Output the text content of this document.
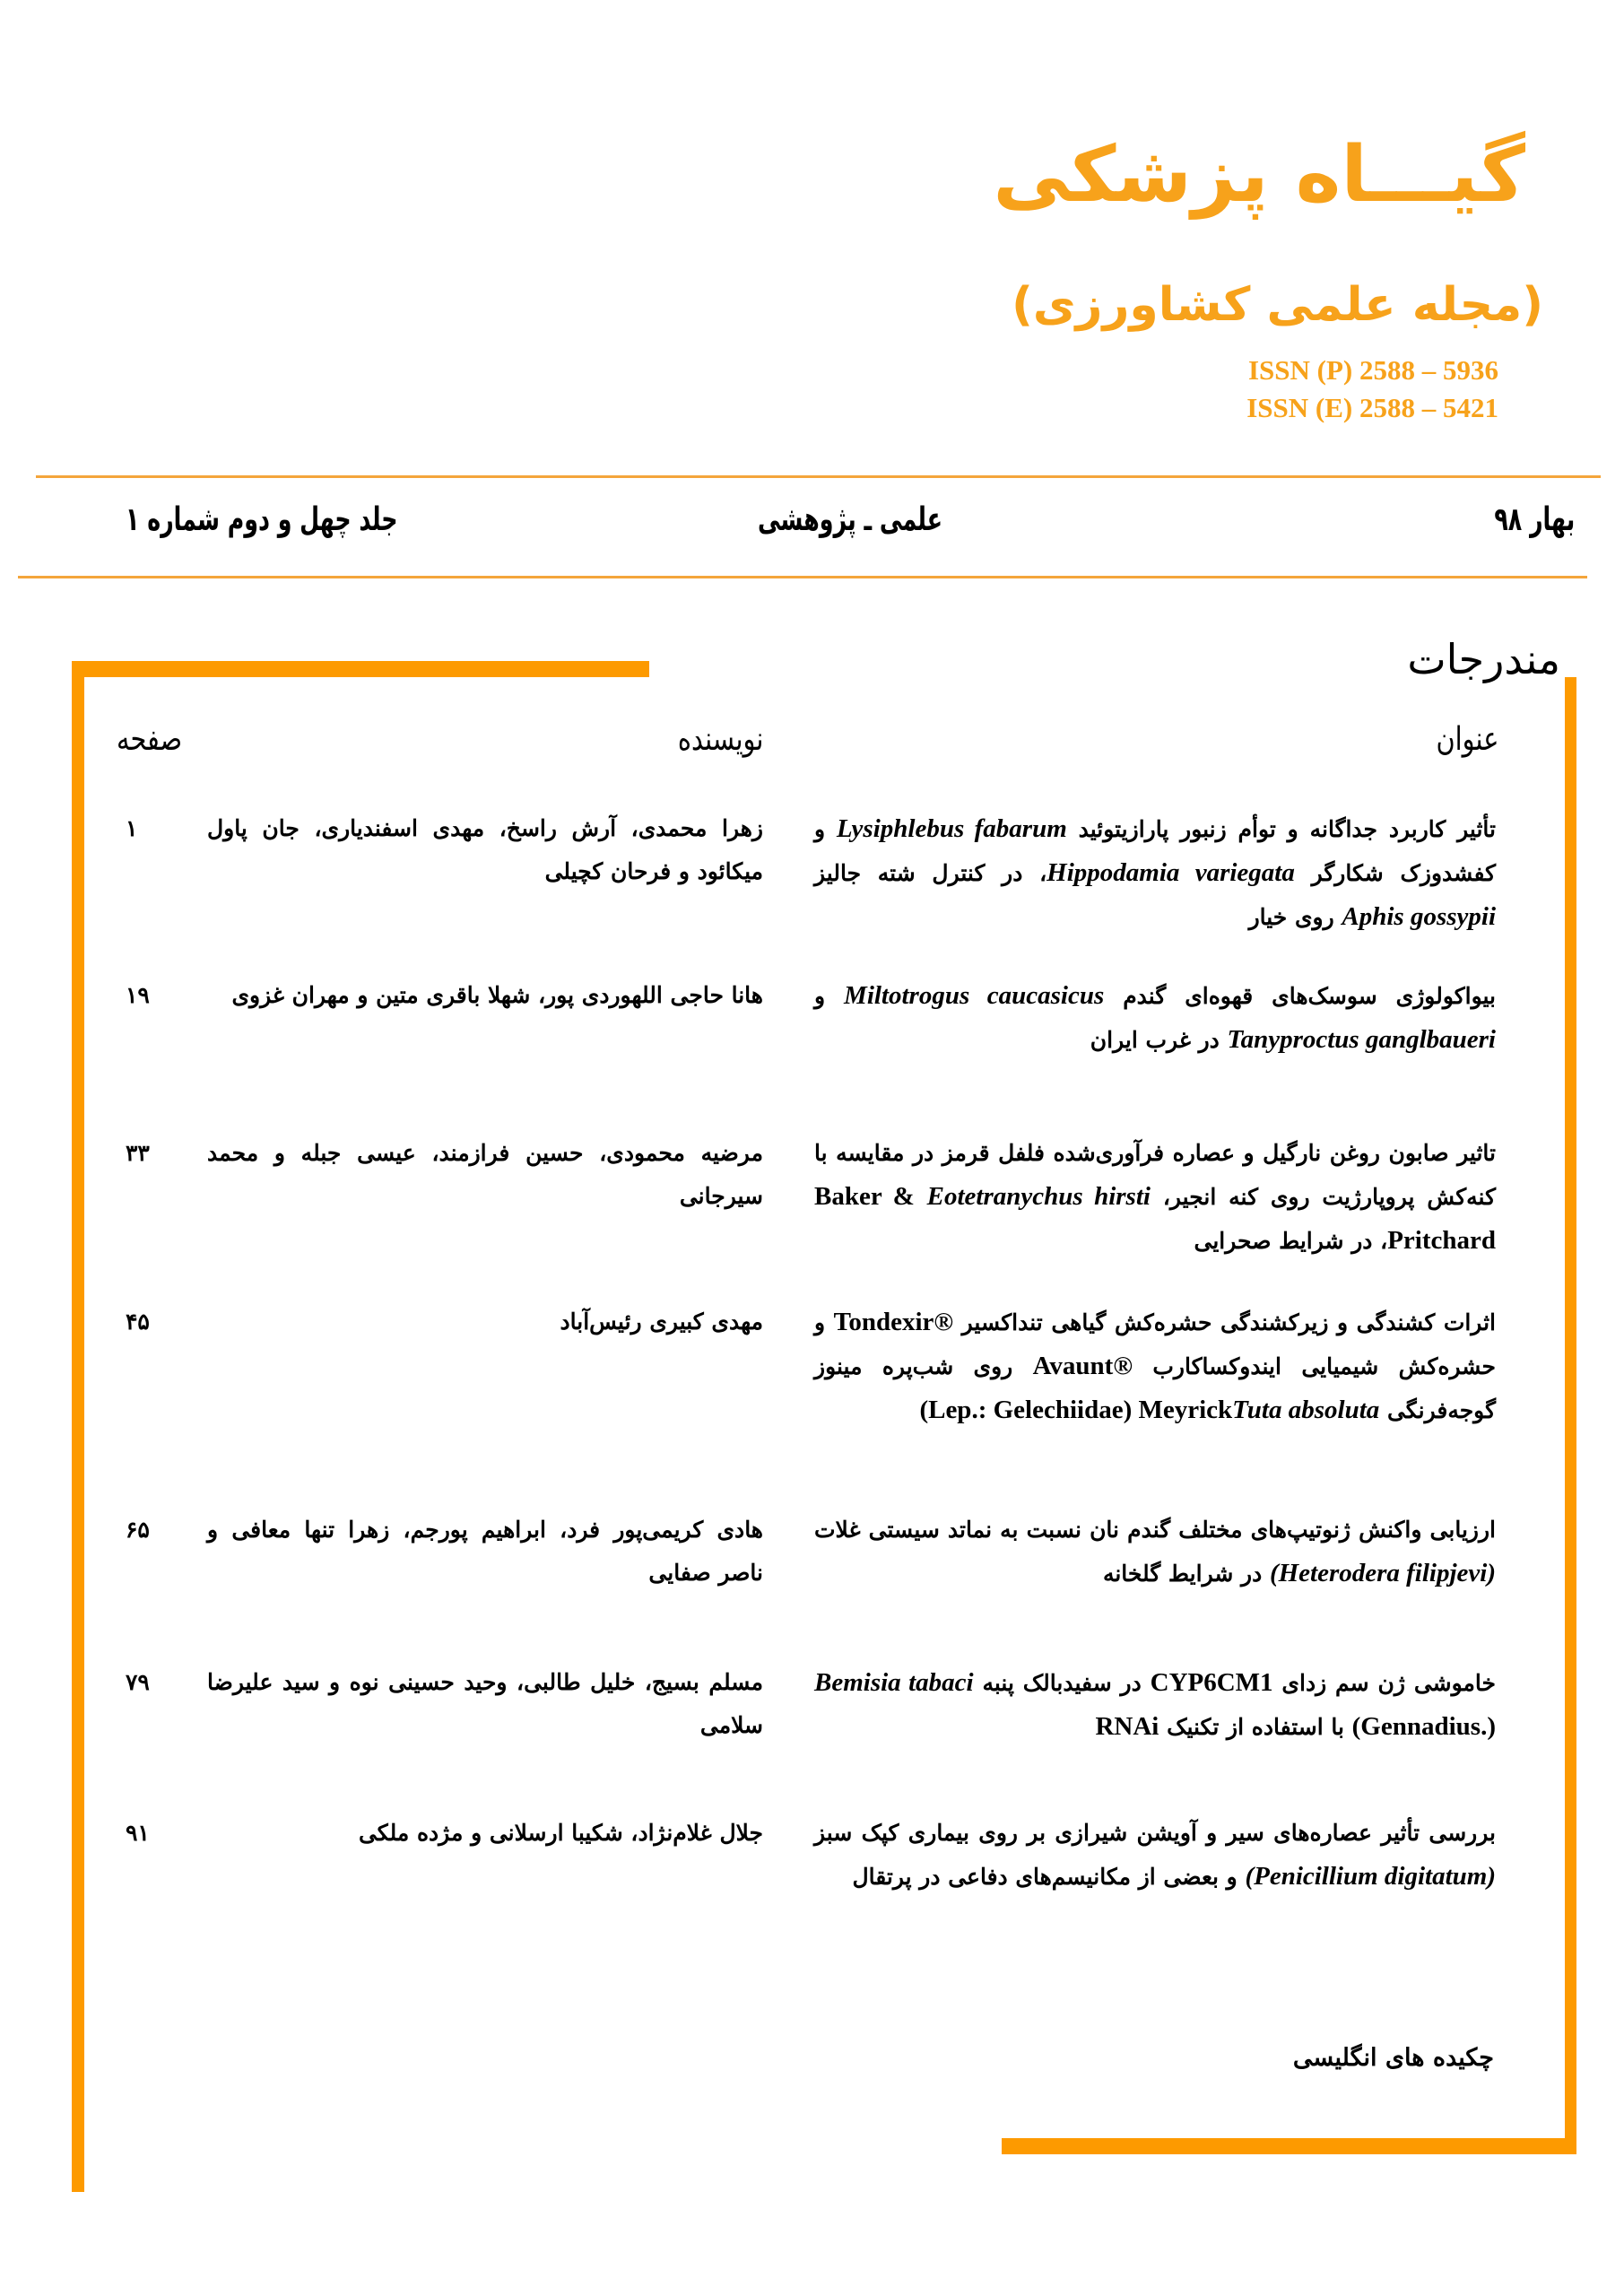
گیـــاه پزشکی
(مجله علمی کشاورزی)
ISSN (P) 2588 – 5936
ISSN (E) 2588 – 5421
بهار ۹۸
علمی ـ پژوهشی
جلد چهل و دوم شماره ۱
مندرجات
عنوان
نویسنده
صفحه
تأثیر کاربرد جداگانه و توأم زنبور پارازیتوئید Lysiphlebus fabarum و کفشدوزک شکارگر Hippodamia variegata، در کنترل شته جالیز Aphis gossypii روی خیار
زهرا محمدی، آرش راسخ، مهدی اسفندیاری، جان پاول میکائود و فرحان کچیلی
۱
بیواکولوژی سوسک‌های قهوه‌ای گندم Miltotrogus caucasicus و Tanyproctus ganglbaueri در غرب ایران
هانا حاجی اللهوردی پور، شهلا باقری متین و مهران غزوی
۱۹
تاثیر صابون روغن نارگیل و عصاره فرآوری‌شده فلفل قرمز در مقایسه با کنه‌کش پروپارژیت روی کنه انجیر، Eotetranychus hirsti Baker & Pritchard، در شرایط صحرایی
مرضیه محمودی، حسین فرازمند، عیسی جبله و محمد سیرجانی
۳۳
اثرات کشندگی و زیرکشندگی حشره‌کش گیاهی تنداکسیر Tondexir® و حشره‌کش شیمیایی ایندوکساکارب Avaunt® روی شب‌پره مینوز گوجه‌فرنگی Tuta absoluta (Lep.: Gelechiidae) Meyrick
مهدی کبیری رئیس‌آباد
۴۵
ارزیابی واکنش ژنوتیپ‌های مختلف گندم نان نسبت به نماتد سیستی غلات (Heterodera filipjevi) در شرایط گلخانه
هادی کریمی‌پور فرد، ابراهیم پورجم، زهرا تنها معافی و ناصر صفایی
۶۵
خاموشی ژن سم زدای CYP6CM1 در سفیدبالک پنبه Bemisia tabaci (Gennadius.) با استفاده از تکنیک RNAi
مسلم بسیج، خلیل طالبی، وحید حسینی نوه و سید علیرضا سلامی
۷۹
بررسی تأثیر عصاره‌های سیر و آویشن شیرازی بر روی بیماری کپک سبز (Penicillium digitatum) و بعضی از مکانیسم‌های دفاعی در پرتقال
جلال غلام‌نژاد، شکیبا ارسلانی و مژده ملکی
۹۱
چکیده های انگلیسی
